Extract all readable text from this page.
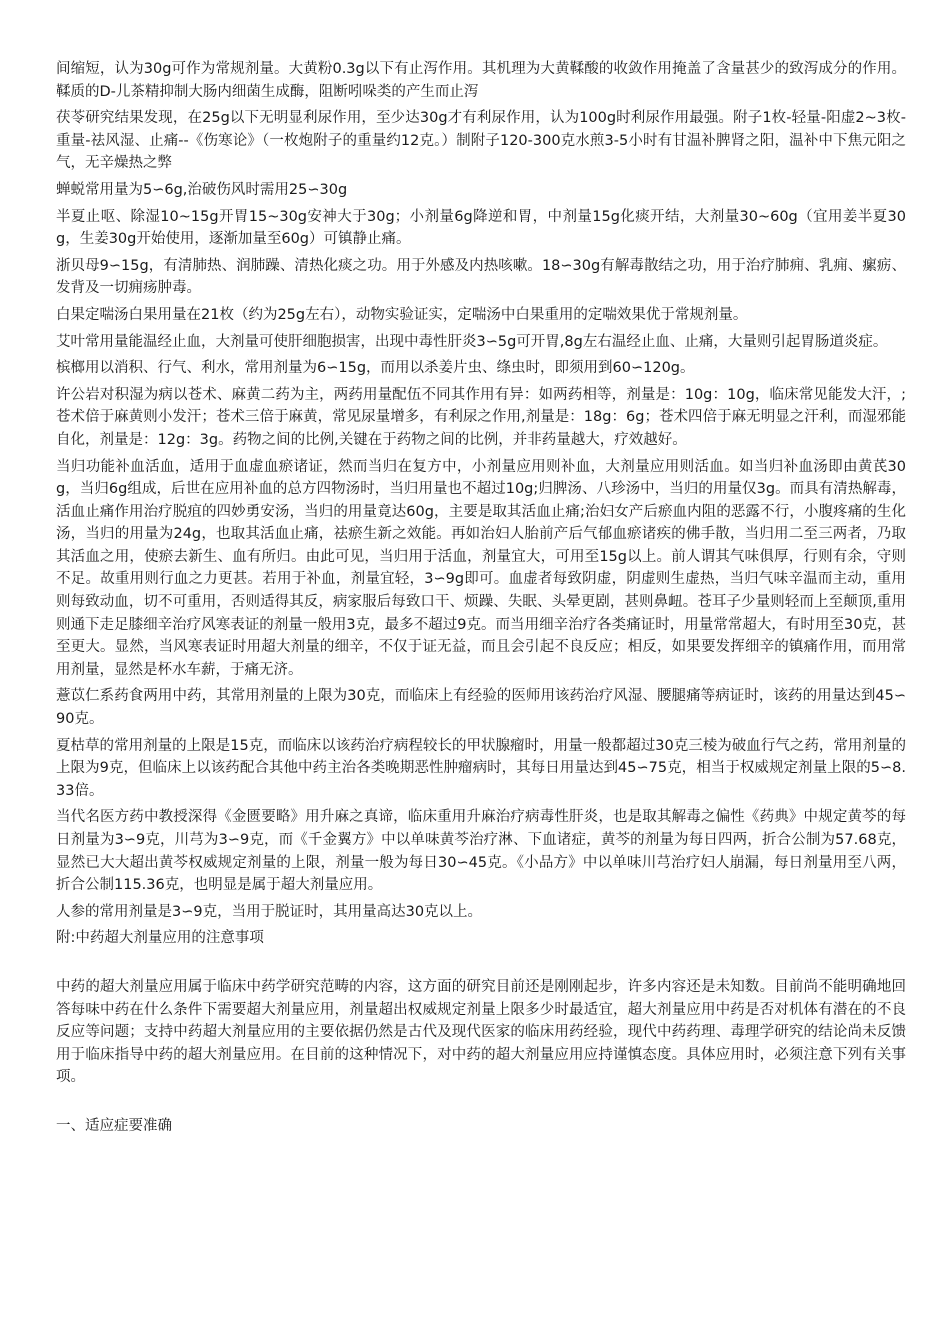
间缩短，认为30g可作为常规剂量。大黄粉0.3g以下有止泻作用。其机理为大黄鞣酸的收敛作用掩盖了含量甚少的致泻成分的作用。鞣质的D-儿茶精抑制大肠内细菌生成酶，阻断吲哚类的产生而止泻

茯苓研究结果发现，在25g以下无明显利尿作用，至少达30g才有利尿作用，认为100g时利尿作用最强。附子1枚-轻量-阳虚2~3枚-重量-祛风湿、止痛--《伤寒论》（一枚炮附子的重量约12克。）制附子120-300克水煎3-5小时有甘温补脾肾之阳，温补中下焦元阳之气，无辛燥热之弊

蝉蜕常用量为5∽6g,治破伤风时需用25∽30g

半夏止呕、除湿10~15g开胃15~30g安神大于30g；小剂量6g降逆和胃，中剂量15g化痰开结，大剂量30~60g（宜用姜半夏30g，生姜30g开始使用，逐渐加量至60g）可镇静止痛。

浙贝母9∽15g，有清肺热、润肺躁、清热化痰之功。用于外感及内热咳嗽。18∽30g有解毒散结之功，用于治疗肺痈、乳痈、瘰疬、发背及一切痈疡肿毒。

白果定喘汤白果用量在21枚（约为25g左右），动物实验证实，定喘汤中白果重用的定喘效果优于常规剂量。

艾叶常用量能温经止血，大剂量可使肝细胞损害，出现中毒性肝炎3∽5g可开胃,8g左右温经止血、止痛，大量则引起胃肠道炎症。

槟榔用以消积、行气、利水，常用剂量为6∽15g，而用以杀姜片虫、绦虫时，即须用到60∽120g。

许公岩对积湿为病以苍术、麻黄二药为主，两药用量配伍不同其作用有异：如两药相等，剂量是：10g：10g，临床常见能发大汗，;苍术倍于麻黄则小发汗；苍术三倍于麻黄，常见尿量增多，有利尿之作用,剂量是：18g：6g；苍术四倍于麻无明显之汗利，而湿邪能自化，剂量是：12g：3g。药物之间的比例,关键在于药物之间的比例，并非药量越大，疗效越好。

当归功能补血活血，适用于血虚血瘀诸证，然而当归在复方中，小剂量应用则补血，大剂量应用则活血。如当归补血汤即由黄芪30g，当归6g组成，后世在应用补血的总方四物汤时，当归用量也不超过10g;归脾汤、八珍汤中，当归的用量仅3g。而具有清热解毒，活血止痛作用治疗脱疽的四妙勇安汤，当归的用量竟达60g，主要是取其活血止痛;治妇女产后瘀血内阻的恶露不行，小腹疼痛的生化汤，当归的用量为24g，也取其活血止痛，祛瘀生新之效能。再如治妇人胎前产后气郁血瘀诸疾的佛手散，当归用二至三两者，乃取其活血之用，使瘀去新生、血有所归。由此可见，当归用于活血，剂量宜大，可用至15g以上。前人谓其气味俱厚，行则有余，守则不足。故重用则行血之力更甚。若用于补血，剂量宜轻，3∽9g即可。血虚者每致阴虚，阴虚则生虚热，当归气味辛温而主动，重用则每致动血，切不可重用，否则适得其反，病家服后每致口干、烦躁、失眠、头晕更剧，甚则鼻衄。苍耳子少量则轻而上至颠顶,重用则通下走足膝细辛治疗风寒表证的剂量一般用3克，最多不超过9克。而当用细辛治疗各类痛证时，用量常常超大，有时用至30克，甚至更大。显然，当风寒表证时用超大剂量的细辛，不仅于证无益，而且会引起不良反应；相反，如果要发挥细辛的镇痛作用，而用常用剂量，显然是杯水车薪，于痛无济。

薏苡仁系药食两用中药，其常用剂量的上限为30克，而临床上有经验的医师用该药治疗风湿、腰腿痛等病证时，该药的用量达到45∽90克。

夏枯草的常用剂量的上限是15克，而临床以该药治疗病程较长的甲状腺瘤时，用量一般都超过30克三棱为破血行气之药，常用剂量的上限为9克，但临床上以该药配合其他中药主治各类晚期恶性肿瘤病时，其每日用量达到45∽75克，相当于权威规定剂量上限的5∽8.33倍。

当代名医方药中教授深得《金匮要略》用升麻之真谛，临床重用升麻治疗病毒性肝炎，也是取其解毒之偏性《药典》中规定黄芩的每日剂量为3∽9克，川芎为3∽9克，而《千金翼方》中以单味黄芩治疗淋、下血诸症，黄芩的剂量为每日四两，折合公制为57.68克，显然已大大超出黄芩权威规定剂量的上限，剂量一般为每日30∽45克。《小品方》中以单味川芎治疗妇人崩漏，每日剂量用至八两，折合公制115.36克，也明显是属于超大剂量应用。

人参的常用剂量是3∽9克，当用于脱证时，其用量高达30克以上。

附:中药超大剂量应用的注意事项

中药的超大剂量应用属于临床中药学研究范畴的内容，这方面的研究目前还是刚刚起步，许多内容还是未知数。目前尚不能明确地回答每味中药在什么条件下需要超大剂量应用，剂量超出权威规定剂量上限多少时最适宜，超大剂量应用中药是否对机体有潜在的不良反应等问题；支持中药超大剂量应用的主要依据仍然是古代及现代医家的临床用药经验，现代中药药理、毒理学研究的结论尚未反馈用于临床指导中药的超大剂量应用。在目前的这种情况下，对中药的超大剂量应用应持谨慎态度。具体应用时，必须注意下列有关事项。

一、适应症要准确
